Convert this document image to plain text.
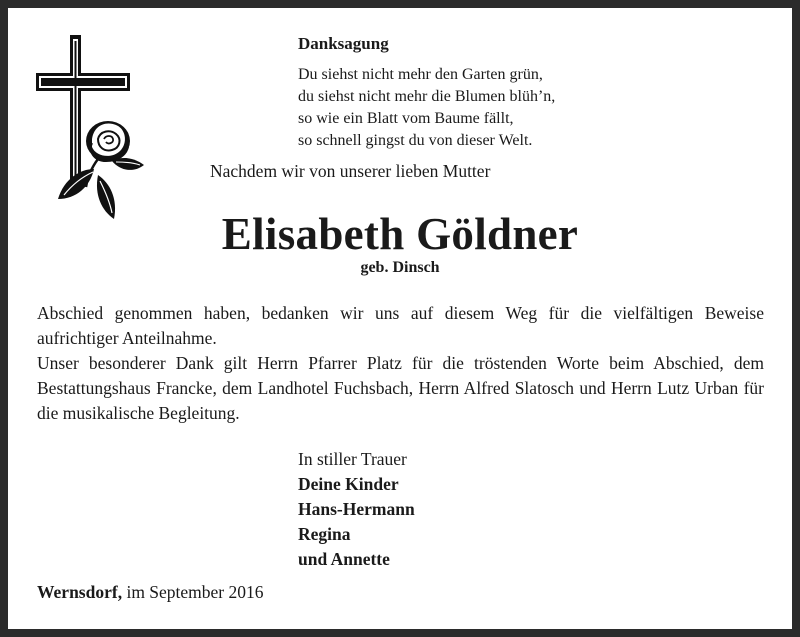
Danksagung
Du siehst nicht mehr den Garten grün,
du siehst nicht mehr die Blumen blüh’n,
so wie ein Blatt vom Baume fällt,
so schnell gingst du von dieser Welt.
Nachdem wir von unserer lieben Mutter
Elisabeth Göldner
geb. Dinsch

Abschied genommen haben, bedanken wir uns auf diesem Weg für die vielfältigen Beweise aufrichtiger Anteilnahme.

Unser besonderer Dank gilt Herrn Pfarrer Platz für die tröstenden Worte beim Abschied, dem Bestattungshaus Francke, dem Landhotel Fuchsbach, Herrn Alfred Slatosch und Herrn Lutz Urban für die musikalische Begleitung.

In stiller Trauer
Deine Kinder
Hans-Hermann
Regina
und Annette
Wernsdorf, im September 2016
